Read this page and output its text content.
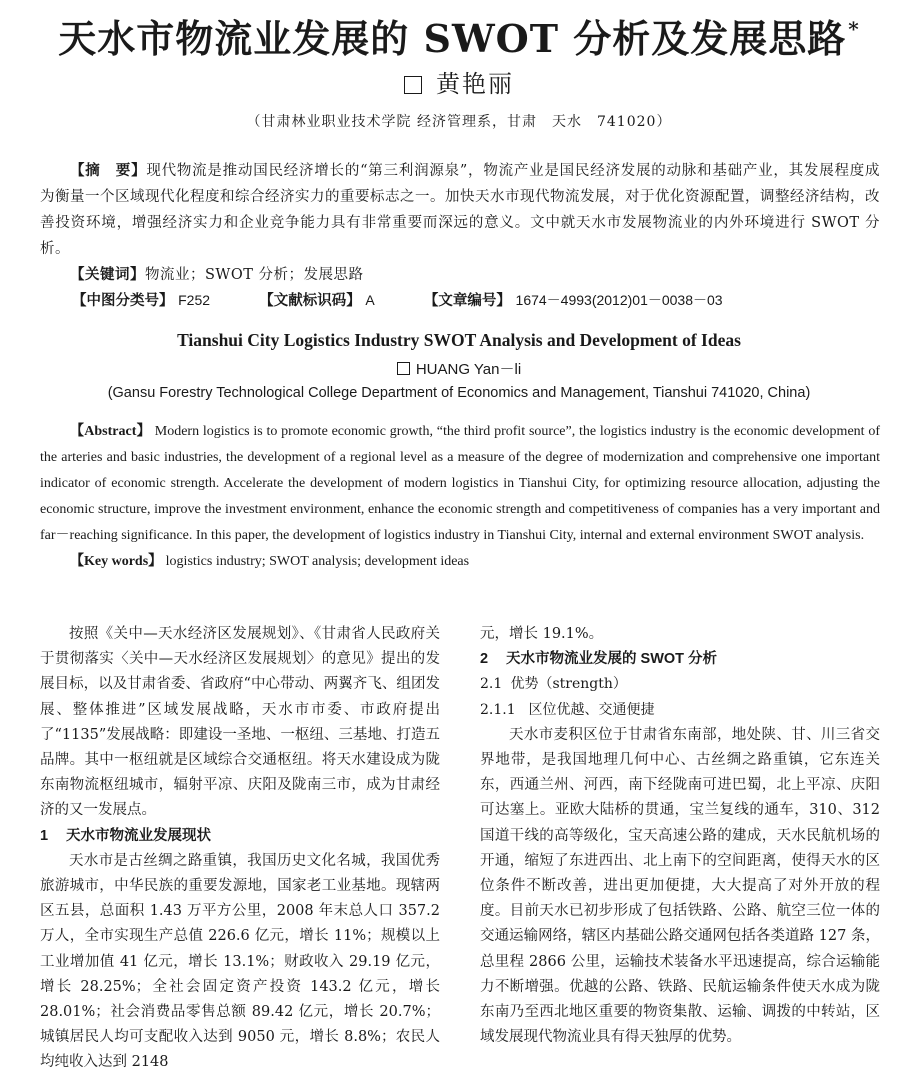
天水市物流业发展的 SWOT 分析及发展思路 *
黄艳丽
（甘肃林业职业技术学院 经济管理系，甘肃　天水　741020）
【摘　要】现代物流是推动国民经济增长的“第三利润源泉”，物流产业是国民经济发展的动脉和基础产业，其发展程度成为衡量一个区域现代化程度和综合经济实力的重要标志之一。加快天水市现代物流发展，对于优化资源配置，调整经济结构，改善投资环境，增强经济实力和企业竞争能力具有非常重要而深远的意义。文中就天水市发展物流业的内外环境进行 SWOT 分析。
【关键词】物流业；SWOT 分析；发展思路
【中图分类号】 F252	【文献标识码】 A	【文章编号】 1674－4993(2012)01－0038－03
Tianshui City Logistics Industry SWOT Analysis and Development of Ideas
HUANG Yan－li
(Gansu Forestry Technological College Department of Economics and Management, Tianshui 741020, China)

【Abstract】 Modern logistics is to promote economic growth, “the third profit source”, the logistics industry is the economic development of the arteries and basic industries, the development of a regional level as a measure of the degree of modernization and comprehensive one important indicator of economic strength. Accelerate the development of modern logistics in Tianshui City, for optimizing resource allocation, adjusting the economic structure, improve the investment environment, enhance the economic strength and competitiveness of companies has a very important and far－reaching significance. In this paper, the development of logistics industry in Tianshui City, internal and external environment SWOT analysis.

【Key words】 logistics industry; SWOT analysis; development ideas

按照《关中—天水经济区发展规划》、《甘肃省人民政府关于贯彻落实〈关中—天水经济区发展规划〉的意见》提出的发展目标，以及甘肃省委、省政府“中心带动、两翼齐飞、组团发展、整体推进”区域发展战略，天水市市委、市政府提出了“1135”发展战略：即建设一圣地、一枢纽、三基地、打造五品牌。其中一枢纽就是区域综合交通枢纽。将天水建设成为陇东南物流枢纽城市，辐射平凉、庆阳及陇南三市，成为甘肃经济的又一发展点。

1 天水市物流业发展现状

天水市是古丝绸之路重镇，我国历史文化名城，我国优秀旅游城市，中华民族的重要发源地，国家老工业基地。现辖两区五县，总面积 1.43 万平方公里，2008 年末总人口 357.2 万人，全市实现生产总值 226.6 亿元，增长 11%；规模以上工业增加值 41 亿元，增长 13.1%；财政收入 29.19 亿元，增长 28.25%；全社会固定资产投资 143.2 亿元，增长 28.01%；社会消费品零售总额 89.42 亿元，增长 20.7%；城镇居民人均可支配收入达到 9050 元，增长 8.8%；农民人均纯收入达到 2148

元，增长 19.1%。

2 天水市物流业发展的 SWOT 分析

2.1 优势（strength）

2.1.1 区位优越、交通便捷

天水市麦积区位于甘肃省东南部，地处陕、甘、川三省交界地带，是我国地理几何中心、古丝绸之路重镇，它东连关东，西通兰州、河西，南下经陇南可进巴蜀，北上平凉、庆阳可达塞上。亚欧大陆桥的贯通，宝兰复线的通车，310、312 国道干线的高等级化，宝天高速公路的建成，天水民航机场的开通，缩短了东进西出、北上南下的空间距离，使得天水的区位条件不断改善，进出更加便捷，大大提高了对外开放的程度。目前天水已初步形成了包括铁路、公路、航空三位一体的交通运输网络，辖区内基础公路交通网包括各类道路 127 条，总里程 2866 公里，运输技术装备水平迅速提高，综合运输能力不断增强。优越的公路、铁路、民航运输条件使天水成为陇东南乃至西北地区重要的物资集散、运输、调拨的中转站，区域发展现代物流业具有得天独厚的优势。
